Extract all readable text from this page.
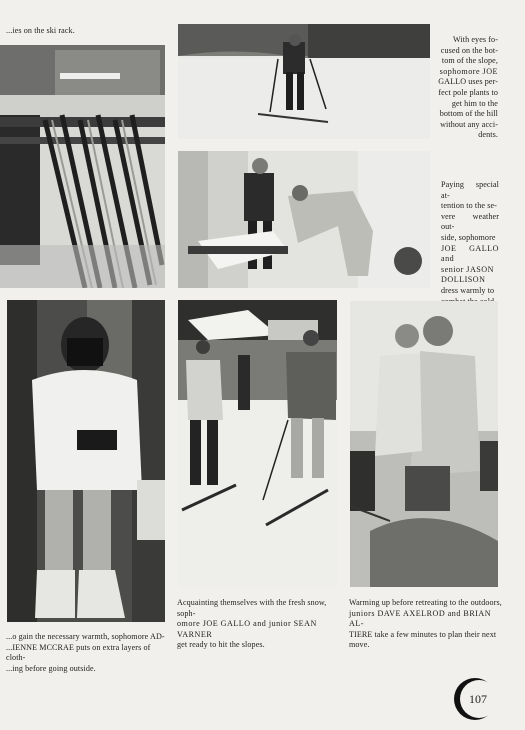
...ies on the ski rack.
With eyes fo-
cused on the bot-
tom of the slope,
sophomore JOE
GALLO uses per-
fect pole plants to
get him to the
bottom of the hill
without any acci-
dents.
Paying special at-
tention to the se-
vere weather out-
side, sophomore
JOE GALLO and
senior JASON
DOLLISON
dress warmly to
...o gain the necessary warmth, sophomore AD-
...IENNE MCCRAE puts on extra layers of cloth-
...ing before going outside.
Acquainting themselves with the fresh snow, soph-
omore JOE GALLO and junior SEAN VARNER
get ready to hit the slopes.
Warming up before retreating to the outdoors,
juniors DAVE AXELROD and BRIAN AL-
TIERE take a few minutes to plan their next
move.
107
